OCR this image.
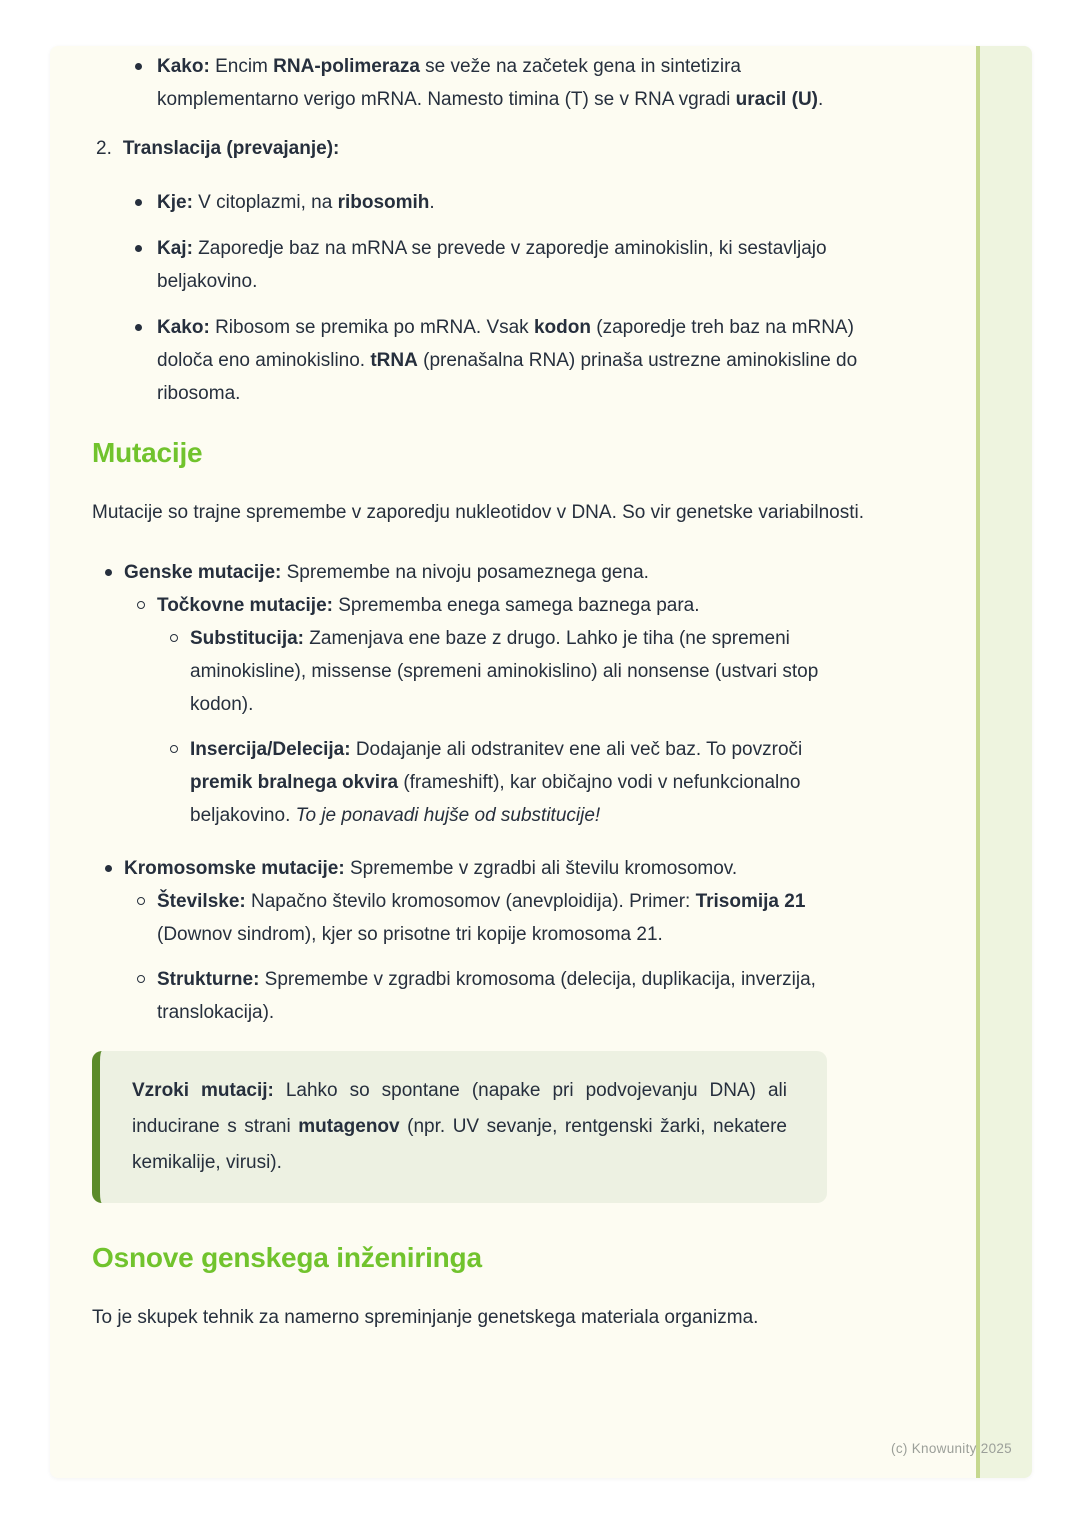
Kako: Encim RNA-polimeraza se veže na začetek gena in sintetizira komplementarno verigo mRNA. Namesto timina (T) se v RNA vgradi uracil (U).
2. Translacija (prevajanje):
Kje: V citoplazmi, na ribosomih.
Kaj: Zaporedje baz na mRNA se prevede v zaporedje aminokislin, ki sestavljajo beljakovino.
Kako: Ribosom se premika po mRNA. Vsak kodon (zaporedje treh baz na mRNA) določa eno aminokislino. tRNA (prenašalna RNA) prinaša ustrezne aminokisline do ribosoma.
Mutacije

Mutacije so trajne spremembe v zaporedju nukleotidov v DNA. So vir genetske variabilnosti.

Genske mutacije: Spremembe na nivoju posameznega gena.
Točkovne mutacije: Sprememba enega samega baznega para.
Substitucija: Zamenjava ene baze z drugo. Lahko je tiha (ne spremeni aminokisline), missense (spremeni aminokislino) ali nonsense (ustvari stop kodon).
Insercija/Delecija: Dodajanje ali odstranitev ene ali več baz. To povzroči premik bralnega okvira (frameshift), kar običajno vodi v nefunkcionalno beljakovino. To je ponavadi hujše od substitucije!
Kromosomske mutacije: Spremembe v zgradbi ali številu kromosomov.
Številske: Napačno število kromosomov (anevploidija). Primer: Trisomija 21 (Downov sindrom), kjer so prisotne tri kopije kromosoma 21.
Strukturne: Spremembe v zgradbi kromosoma (delecija, duplikacija, inverzija, translokacija).
Vzroki mutacij: Lahko so spontane (napake pri podvojevanju DNA) ali inducirane s strani mutagenov (npr. UV sevanje, rentgenski žarki, nekatere kemikalije, virusi).
Osnove genskega inženiringa

To je skupek tehnik za namerno spreminjanje genetskega materiala organizma.

(c) Knowunity 2025
